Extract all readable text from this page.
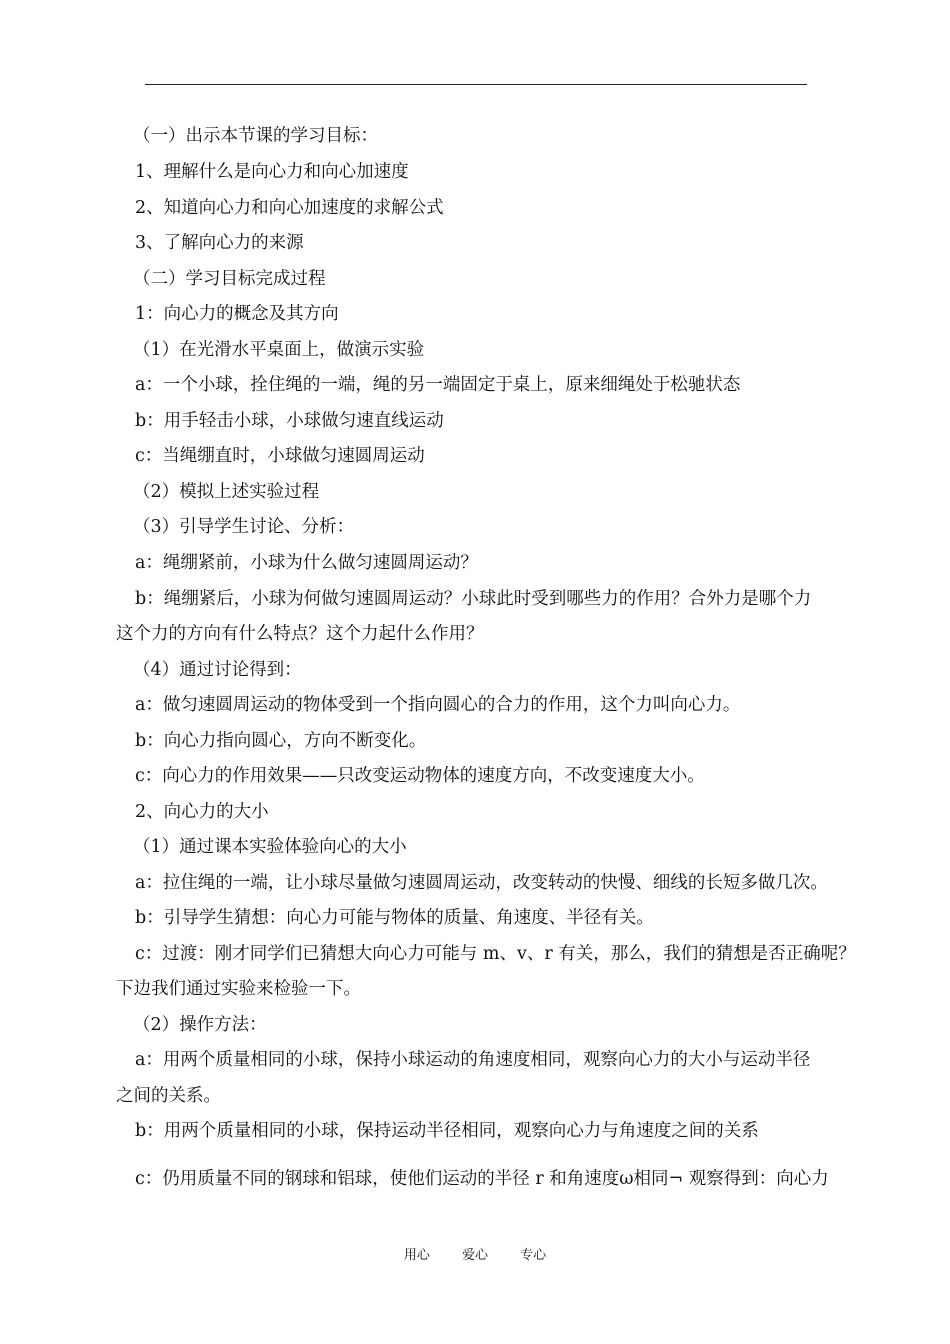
（一）出示本节课的学习目标：
1、理解什么是向心力和向心加速度
2、知道向心力和向心加速度的求解公式
3、了解向心力的来源
（二）学习目标完成过程
1：向心力的概念及其方向
（1）在光滑水平桌面上，做演示实验
a：一个小球，拴住绳的一端，绳的另一端固定于桌上，原来细绳处于松驰状态
b：用手轻击小球，小球做匀速直线运动
c：当绳绷直时，小球做匀速圆周运动
（2）模拟上述实验过程
（3）引导学生讨论、分析：
a：绳绷紧前，小球为什么做匀速圆周运动？
b：绳绷紧后，小球为何做匀速圆周运动？小球此时受到哪些力的作用？合外力是哪个力
这个力的方向有什么特点？这个力起什么作用？
（4）通过讨论得到：
a：做匀速圆周运动的物体受到一个指向圆心的合力的作用，这个力叫向心力。
b：向心力指向圆心，方向不断变化。
c：向心力的作用效果——只改变运动物体的速度方向，不改变速度大小。
2、向心力的大小
（1）通过课本实验体验向心的大小
a：拉住绳的一端，让小球尽量做匀速圆周运动，改变转动的快慢、细线的长短多做几次。
b：引导学生猜想：向心力可能与物体的质量、角速度、半径有关。
c：过渡：刚才同学们已猜想大向心力可能与 m、v、r 有关，那么，我们的猜想是否正确呢？
下边我们通过实验来检验一下。
（2）操作方法：
a：用两个质量相同的小球，保持小球运动的角速度相同，观察向心力的大小与运动半径
之间的关系。
b：用两个质量相同的小球，保持运动半径相同，观察向心力与角速度之间的关系
c：仍用质量不同的钢球和铝球，使他们运动的半径 r 和角速度ω相同¬ 观察得到：向心力
用心 爱心 专心
